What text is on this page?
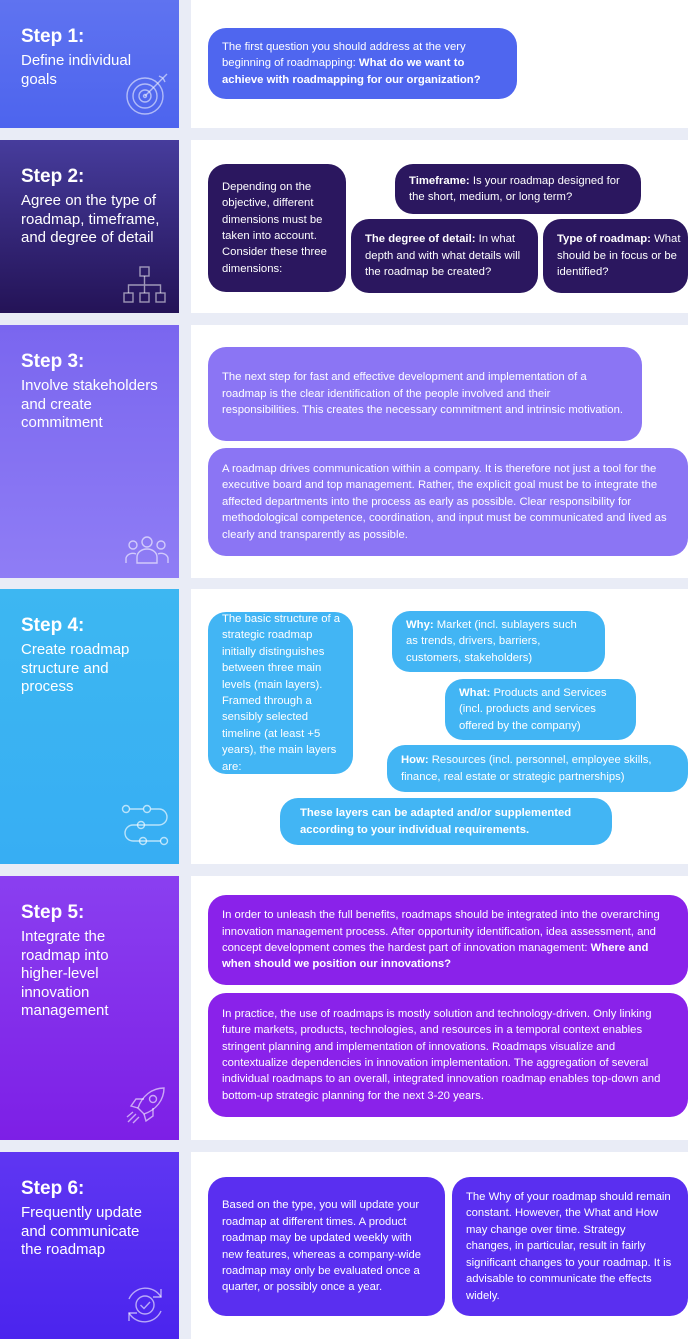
Step 1:
Define individual goals

The first question you should address at the very beginning of roadmapping: What do we want to achieve with roadmapping for our organization?

Step 2:
Agree on the type of roadmap, timeframe, and degree of detail

Depending on the objective, different dimensions must be taken into account. Consider these three dimensions:

Timeframe: Is your roadmap designed for the short, medium, or long term?

The degree of detail: In what depth and with what details will the roadmap be created?

Type of roadmap: What should be in focus or be identified?

Step 3:
Involve stakeholders and create commitment

The next step for fast and effective development and implementation of a roadmap is the clear identification of the people involved and their responsibilities. This creates the necessary commitment and intrinsic motivation.

A roadmap drives communication within a company. It is therefore not just a tool for the executive board and top management. Rather, the explicit goal must be to integrate the affected departments into the process as early as possible. Clear responsibility for methodological competence, coordination, and input must be communicated and lived as clearly and transparently as possible.

Step 4:
Create roadmap structure and process

The basic structure of a strategic roadmap initially distinguishes between three main levels (main layers). Framed through a sensibly selected timeline (at least +5 years), the main layers are:

Why: Market (incl. sublayers such as trends, drivers, barriers, customers, stakeholders)

What: Products and Services (incl. products and services offered by the company)

How: Resources (incl. personnel, employee skills, finance, real estate or strategic partnerships)

These layers can be adapted and/or supplemented according to your individual requirements.

Step 5:
Integrate the roadmap into higher-level innovation management

In order to unleash the full benefits, roadmaps should be integrated into the overarching innovation management process. After opportunity identification, idea assessment, and concept development comes the hardest part of innovation management: Where and when should we position our innovations?

In practice, the use of roadmaps is mostly solution and technology-driven. Only linking future markets, products, technologies, and resources in a temporal context enables stringent planning and implementation of innovations. Roadmaps visualize and contextualize dependencies in innovation implementation. The aggregation of several individual roadmaps to an overall, integrated innovation roadmap enables top-down and bottom-up strategic planning for the next 3-20 years.

Step 6:
Frequently update and communicate the roadmap

Based on the type, you will update your roadmap at different times. A product roadmap may be updated weekly with new features, whereas a company-wide roadmap may only be evaluated once a quarter, or possibly once a year.

The Why of your roadmap should remain constant. However, the What and How may change over time. Strategy changes, in particular, result in fairly significant changes to your roadmap. It is advisable to communicate the effects widely.
